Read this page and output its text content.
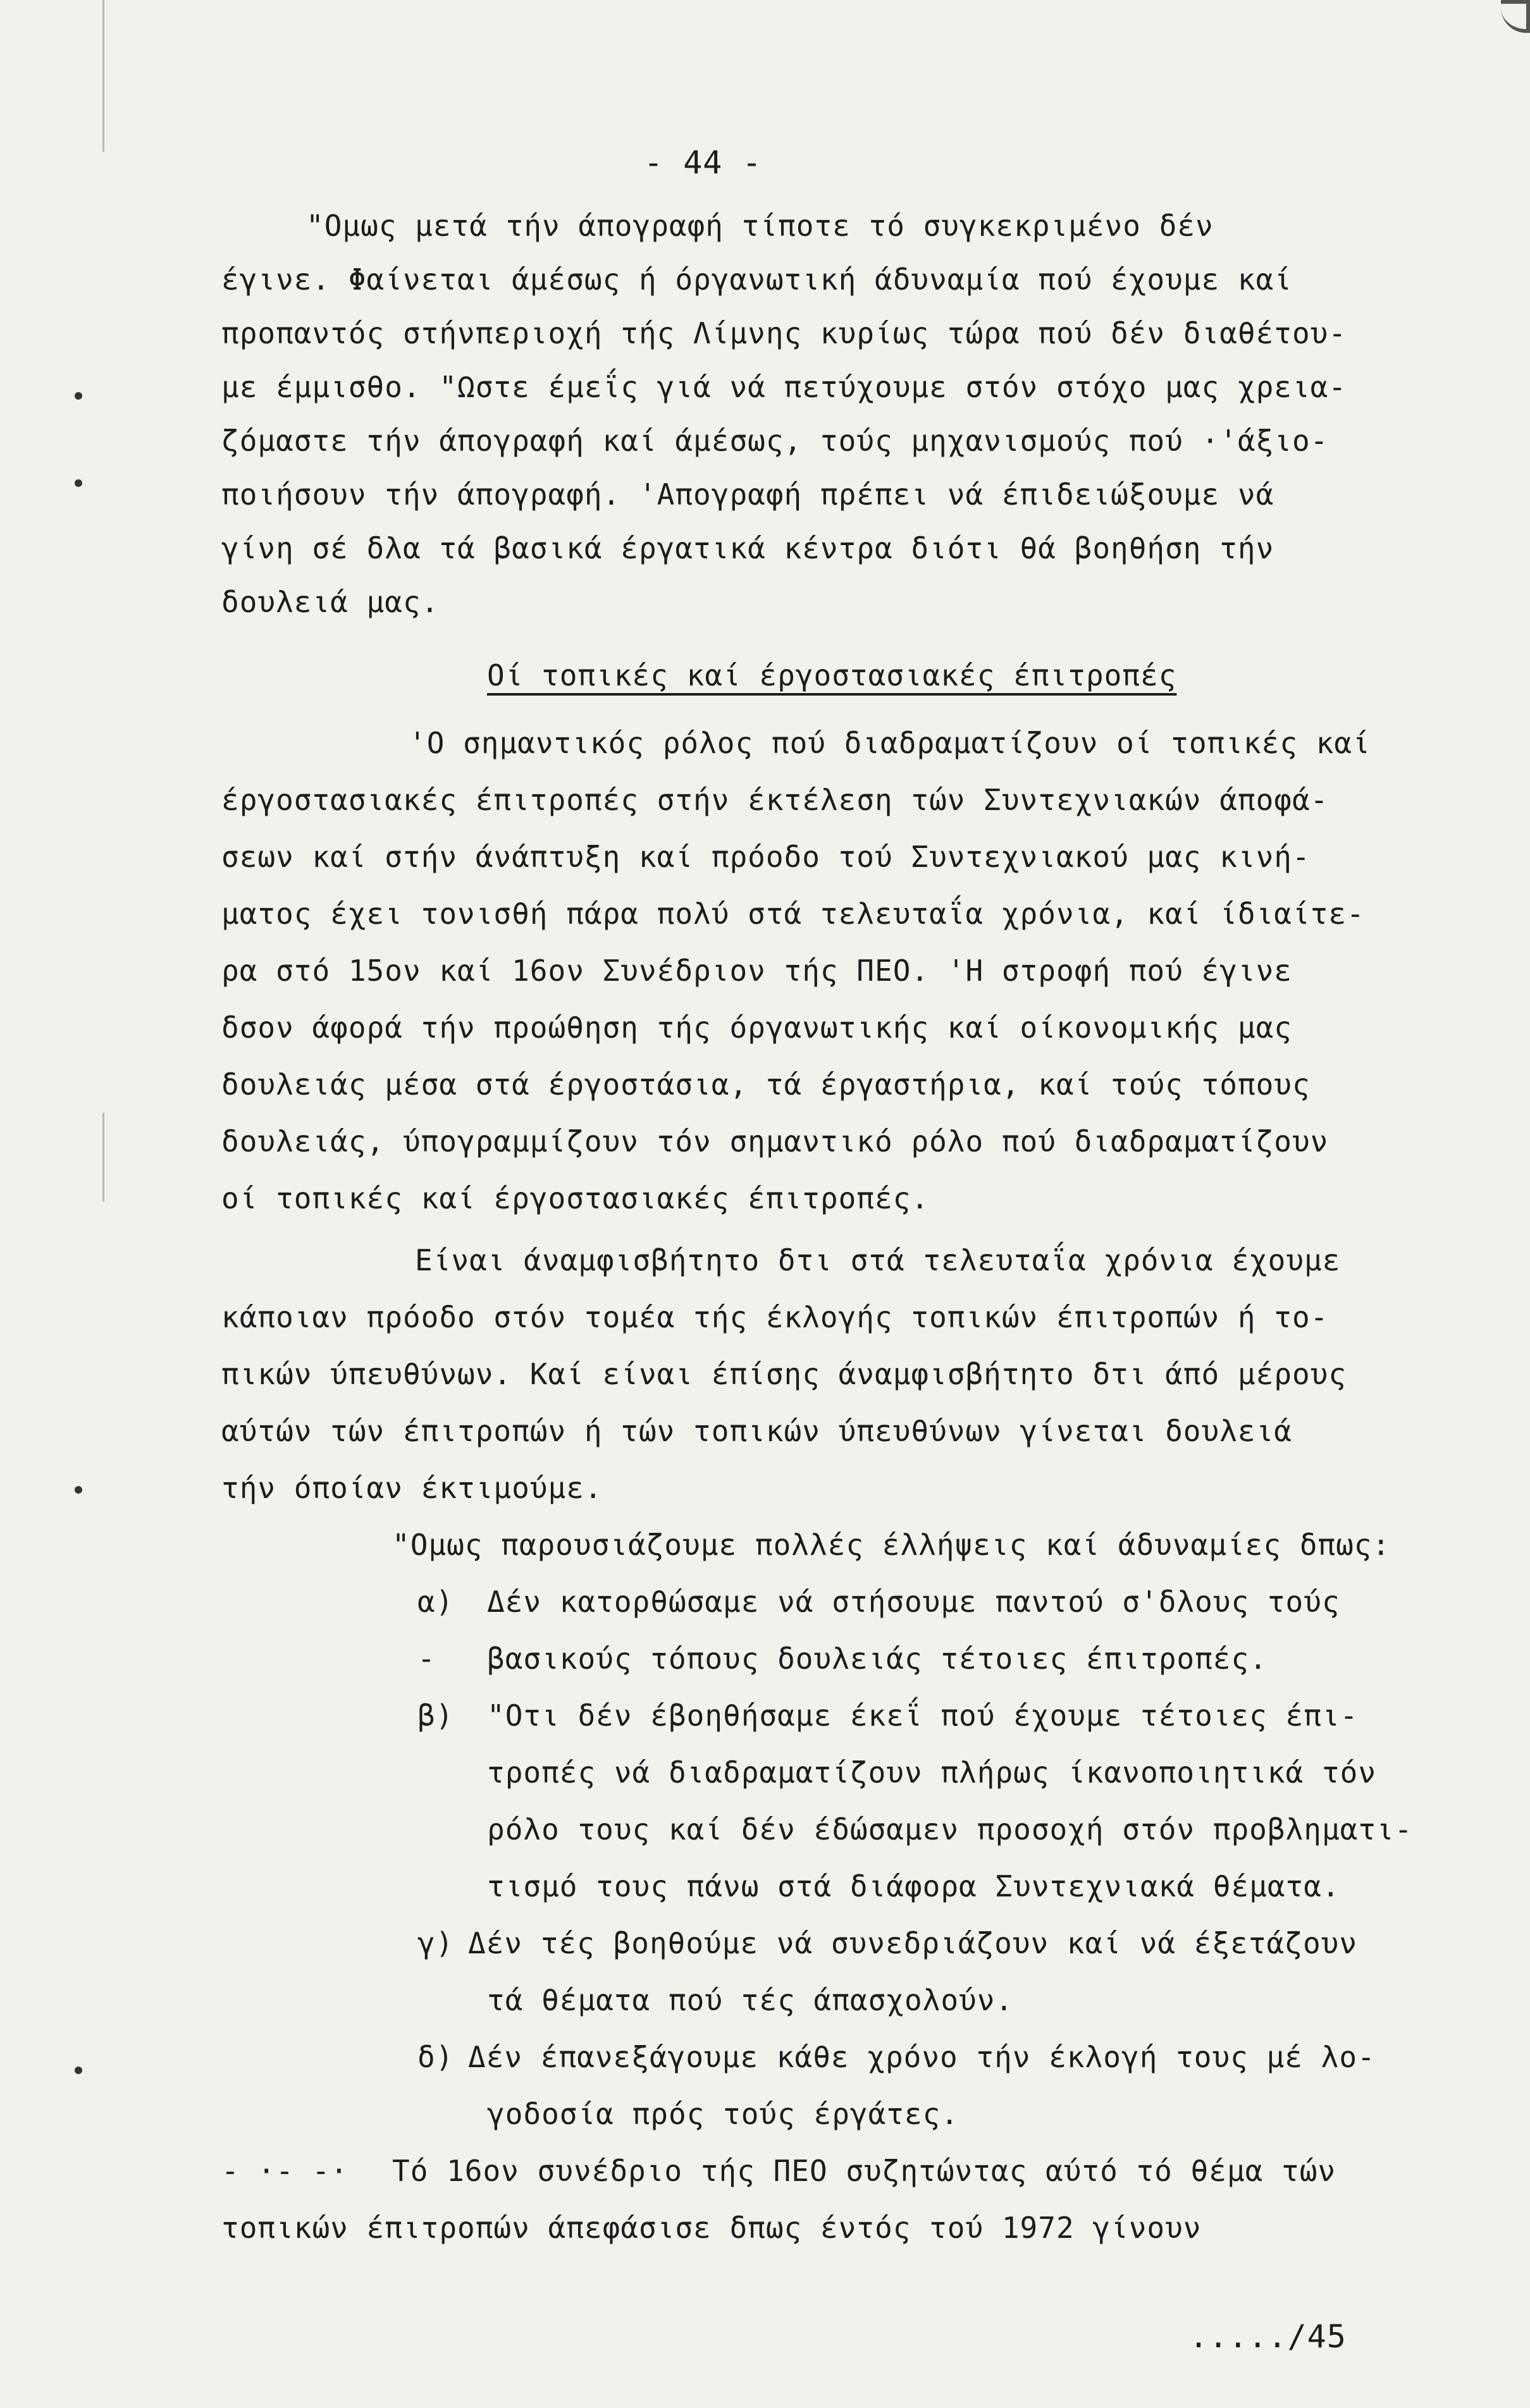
- 44 -

"Ομως μετά τήν άπογραφή τίποτε τό συγκεκριμένο δέν

έγινε. Φαίνεται άμέσως ή όργανωτική άδυναμία πού έχουμε καί

προπαντός στήνπεριοχή τής Λίμνης κυρίως τώρα πού δέν διαθέτου-

με έμμισθο. "Ωστε έμεΐς γιά νά πετύχουμε στόν στόχο μας χρεια-

ζόμαστε τήν άπογραφή καί άμέσως, τούς μηχανισμούς πού ·'άξιο-

ποιήσουν τήν άπογραφή. 'Απογραφή πρέπει νά έπιδειώξουμε νά

γίνη σέ δλα τά βασικά έργατικά κέντρα διότι θά βοηθήση τήν

δουλειά μας.

Οί τοπικές καί έργοστασιακές έπιτροπές

'Ο σημαντικός ρόλος πού διαδραματίζουν οί τοπικές καί

έργοστασιακές έπιτροπές στήν έκτέλεση τών Συντεχνιακών άποφά-

σεων καί στήν άνάπτυξη καί πρόοδο τού Συντεχνιακού μας κινή-

ματος έχει τονισθή πάρα πολύ στά τελευταΐα χρόνια, καί ίδιαίτε-

ρα στό 15ον καί 16ον Συνέδριον τής ΠΕΟ. 'Η στροφή πού έγινε

δσον άφορά τήν προώθηση τής όργανωτικής καί οίκονομικής μας

δουλειάς μέσα στά έργοστάσια, τά έργαστήρια, καί τούς τόπους

δουλειάς, ύπογραμμίζουν τόν σημαντικό ρόλο πού διαδραματίζουν

οί τοπικές καί έργοστασιακές έπιτροπές.

Είναι άναμφισβήτητο δτι στά τελευταΐα χρόνια έχουμε

κάποιαν πρόοδο στόν τομέα τής έκλογής τοπικών έπιτροπών ή το-

πικών ύπευθύνων. Καί είναι έπίσης άναμφισβήτητο δτι άπό μέρους

αύτών τών έπιτροπών ή τών τοπικών ύπευθύνων γίνεται δουλειά

τήν όποίαν έκτιμούμε.

"Ομως παρουσιάζουμε πολλές έλλήψεις καί άδυναμίες δπως:

α) Δέν κατορθώσαμε νά στήσουμε παντού σ'δλους τούς

- βασικούς τόπους δουλειάς τέτοιες έπιτροπές.

β) "Οτι δέν έβοηθήσαμε έκεΐ πού έχουμε τέτοιες έπι-

τροπές νά διαδραματίζουν πλήρως ίκανοποιητικά τόν

ρόλο τους καί δέν έδώσαμεν προσοχή στόν προβληματι-

τισμό τους πάνω στά διάφορα Συντεχνιακά θέματα.

γ) Δέν τές βοηθούμε νά συνεδριάζουν καί νά έξετάζουν

τά θέματα πού τές άπασχολούν.

δ) Δέν έπανεξάγουμε κάθε χρόνο τήν έκλογή τους μέ λο-

γοδοσία πρός τούς έργάτες.

- ·- -· Τό 16ον συνέδριο τής ΠΕΟ συζητώντας αύτό τό θέμα τών

τοπικών έπιτροπών άπεφάσισε δπως έντός τού 1972 γίνουν

...../45
